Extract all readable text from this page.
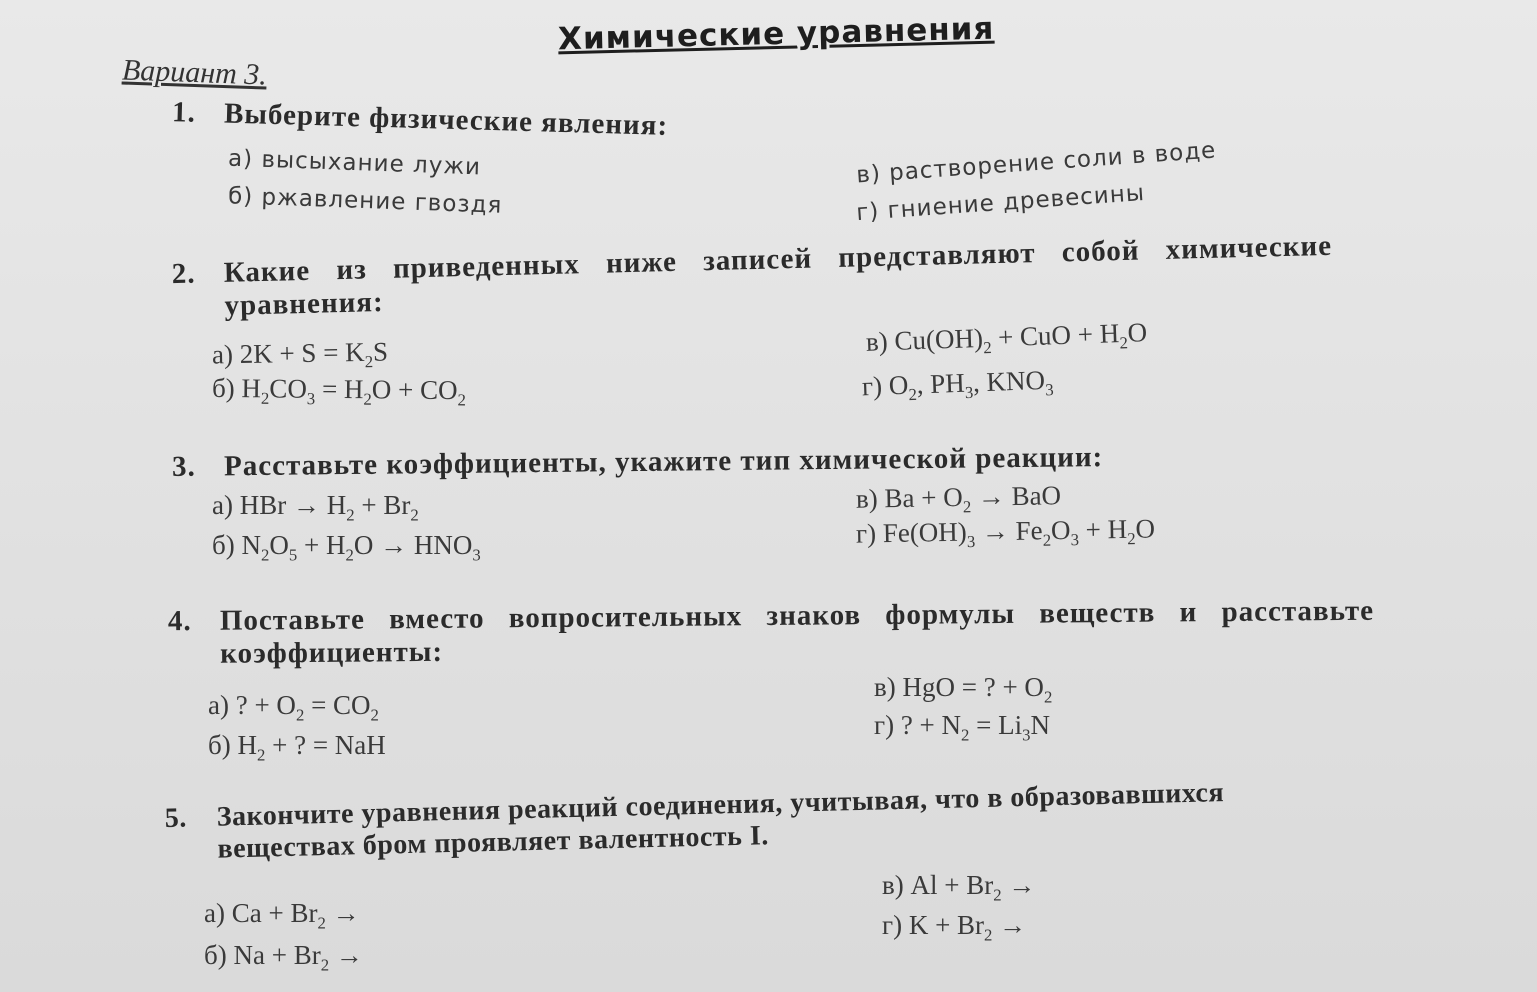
Химические уравнения
Вариант 3.
1. Выберите физические явления:
а) высыхание лужи
б) ржавление гвоздя
в) растворение соли в воде
г) гниение древесины
2. Какие из приведенных ниже записей представляют собой химические
уравнения:
а) $2K + S = K_2S$
б) $H_2CO_3 = H_2O + CO_2$
в) $Cu(OH)_2$ + CuO + $H_2O$
г) $O_2$, $PH_3$, $KNO_3$
3. Расставьте коэффициенты, укажите тип химической реакции:
а) HBr → $H_2 + Br_2$
б) $N_2O_5 + H_2O \to HNO_3$
в) $Ba + O_2$ → BaO
г) $Fe(OH)_3 \to Fe_2O_3 + H_2O$
4. Поставьте вместо вопросительных знаков формулы веществ и расставьте
коэффициенты:
а) ? + $O_2 = CO_2$
б) $H_2$ + ? = NaH
в) HgO = ? + $O_2$
г) ? + $N_2 = Li_3N$
5. Закончите уравнения реакций соединения, учитывая, что в образовавшихся
веществах бром проявляет валентность I.
а) $Ca + Br_2$ →
б) $Na + Br_2$ →
в) $Al + Br_2$ →
г) $K + Br_2$ →
